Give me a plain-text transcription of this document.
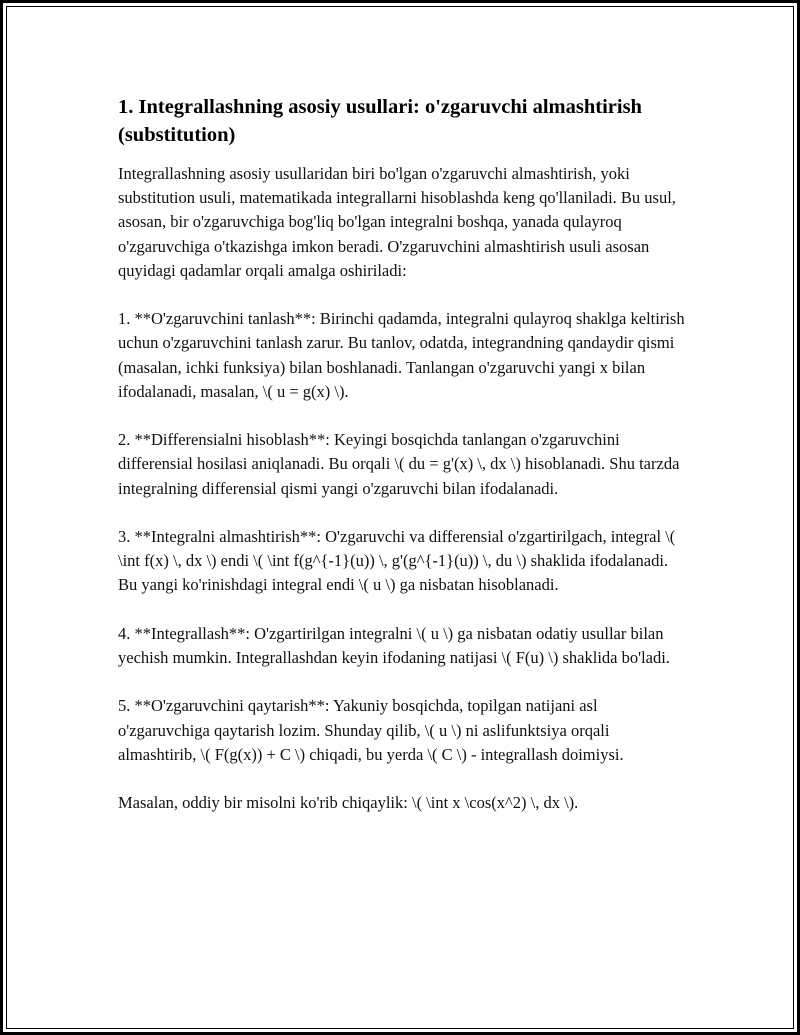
1. Integrallashning asosiy usullari: o'zgaruvchi almashtirish (substitution)

Integrallashning asosiy usullaridan biri bo'lgan o'zgaruvchi almashtirish, yoki substitution usuli, matematikada integrallarni hisoblashda keng qo'llaniladi. Bu usul, asosan, bir o'zgaruvchiga bog'liq bo'lgan integralni boshqa, yanada qulayroq o'zgaruvchiga o'tkazishga imkon beradi. O'zgaruvchini almashtirish usuli asosan quyidagi qadamlar orqali amalga oshiriladi:

1. **O'zgaruvchini tanlash**: Birinchi qadamda, integralni qulayroq shaklga keltirish uchun o'zgaruvchini tanlash zarur. Bu tanlov, odatda, integrandning qandaydir qismi (masalan, ichki funksiya) bilan boshlanadi. Tanlangan o'zgaruvchi yangi x bilan ifodalanadi, masalan, \( u = g(x) \).

2. **Differensialni hisoblash**: Keyingi bosqichda tanlangan o'zgaruvchini differensial hosilasi aniqlanadi. Bu orqali \( du = g'(x) \, dx \) hisoblanadi. Shu tarzda integralning differensial qismi yangi o'zgaruvchi bilan ifodalanadi.

3. **Integralni almashtirish**: O'zgaruvchi va differensial o'zgartirilgach, integral \( \int f(x) \, dx \) endi \( \int f(g^{-1}(u)) \, g'(g^{-1}(u)) \, du \) shaklida ifodalanadi. Bu yangi ko'rinishdagi integral endi \( u \) ga nisbatan hisoblanadi.

4. **Integrallash**: O'zgartirilgan integralni \( u \) ga nisbatan odatiy usullar bilan yechish mumkin. Integrallashdan keyin ifodaning natijasi \( F(u) \) shaklida bo'ladi.

5. **O'zgaruvchini qaytarish**: Yakuniy bosqichda, topilgan natijani asl o'zgaruvchiga qaytarish lozim. Shunday qilib, \( u \) ni aslifunktsiya orqali almashtirib, \( F(g(x)) + C \) chiqadi, bu yerda \( C \) - integrallash doimiysi.

Masalan, oddiy bir misolni ko'rib chiqaylik: \( \int x \cos(x^2) \, dx \).
